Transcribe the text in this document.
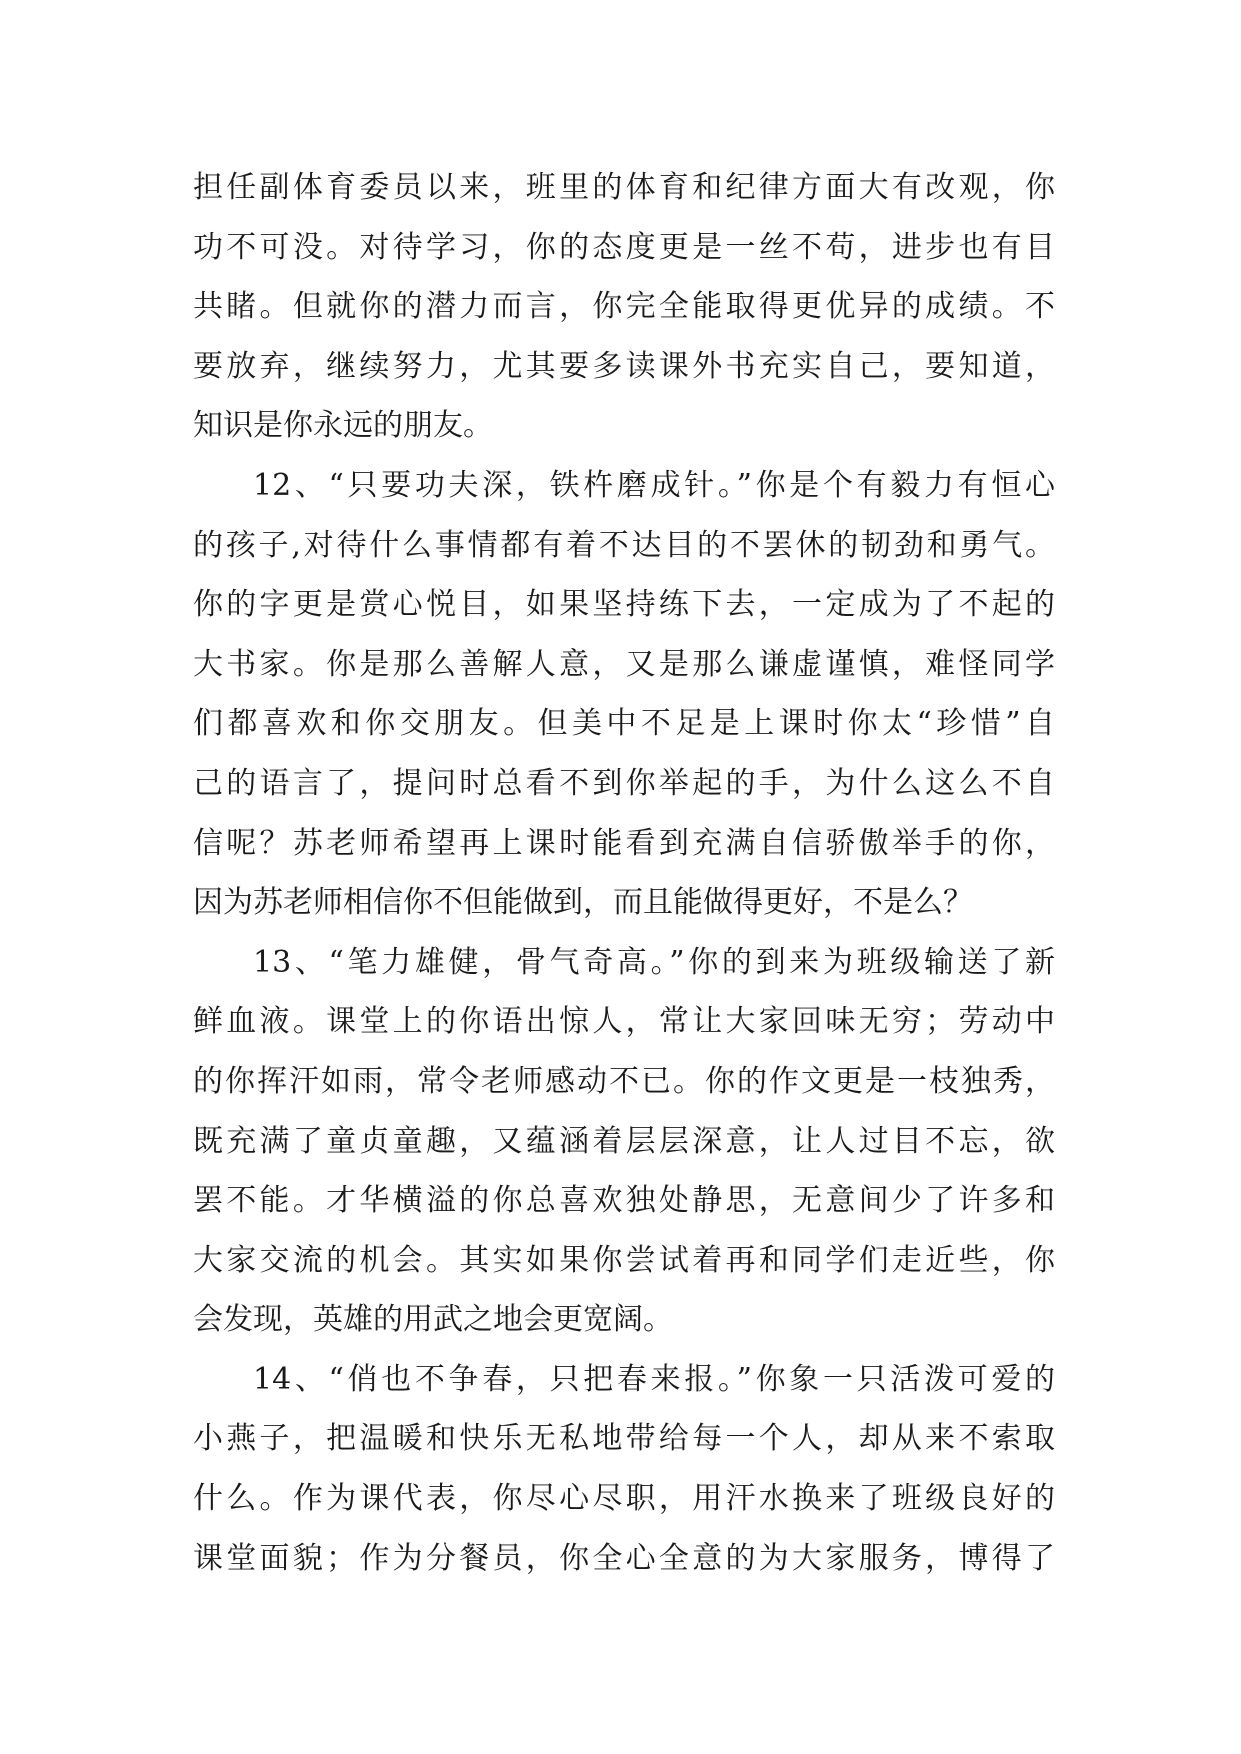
担任副体育委员以来，班里的体育和纪律方面大有改观，你
功不可没。对待学习，你的态度更是一丝不苟，进步也有目
共睹。但就你的潜力而言，你完全能取得更优异的成绩。不
要放弃，继续努力，尤其要多读课外书充实自己，要知道，
知识是你永远的朋友。
12、“只要功夫深，铁杵磨成针。”你是个有毅力有恒心
的孩子,对待什么事情都有着不达目的不罢休的韧劲和勇气。
你的字更是赏心悦目，如果坚持练下去，一定成为了不起的
大书家。你是那么善解人意，又是那么谦虚谨慎，难怪同学
们都喜欢和你交朋友。但美中不足是上课时你太“珍惜”自
己的语言了，提问时总看不到你举起的手，为什么这么不自
信呢？苏老师希望再上课时能看到充满自信骄傲举手的你，
因为苏老师相信你不但能做到，而且能做得更好，不是么？
13、“笔力雄健，骨气奇高。”你的到来为班级输送了新
鲜血液。课堂上的你语出惊人，常让大家回味无穷；劳动中
的你挥汗如雨，常令老师感动不已。你的作文更是一枝独秀，
既充满了童贞童趣，又蕴涵着层层深意，让人过目不忘，欲
罢不能。才华横溢的你总喜欢独处静思，无意间少了许多和
大家交流的机会。其实如果你尝试着再和同学们走近些，你
会发现，英雄的用武之地会更宽阔。
14、“俏也不争春，只把春来报。”你象一只活泼可爱的
小燕子，把温暖和快乐无私地带给每一个人，却从来不索取
什么。作为课代表，你尽心尽职，用汗水换来了班级良好的
课堂面貌；作为分餐员，你全心全意的为大家服务，博得了
